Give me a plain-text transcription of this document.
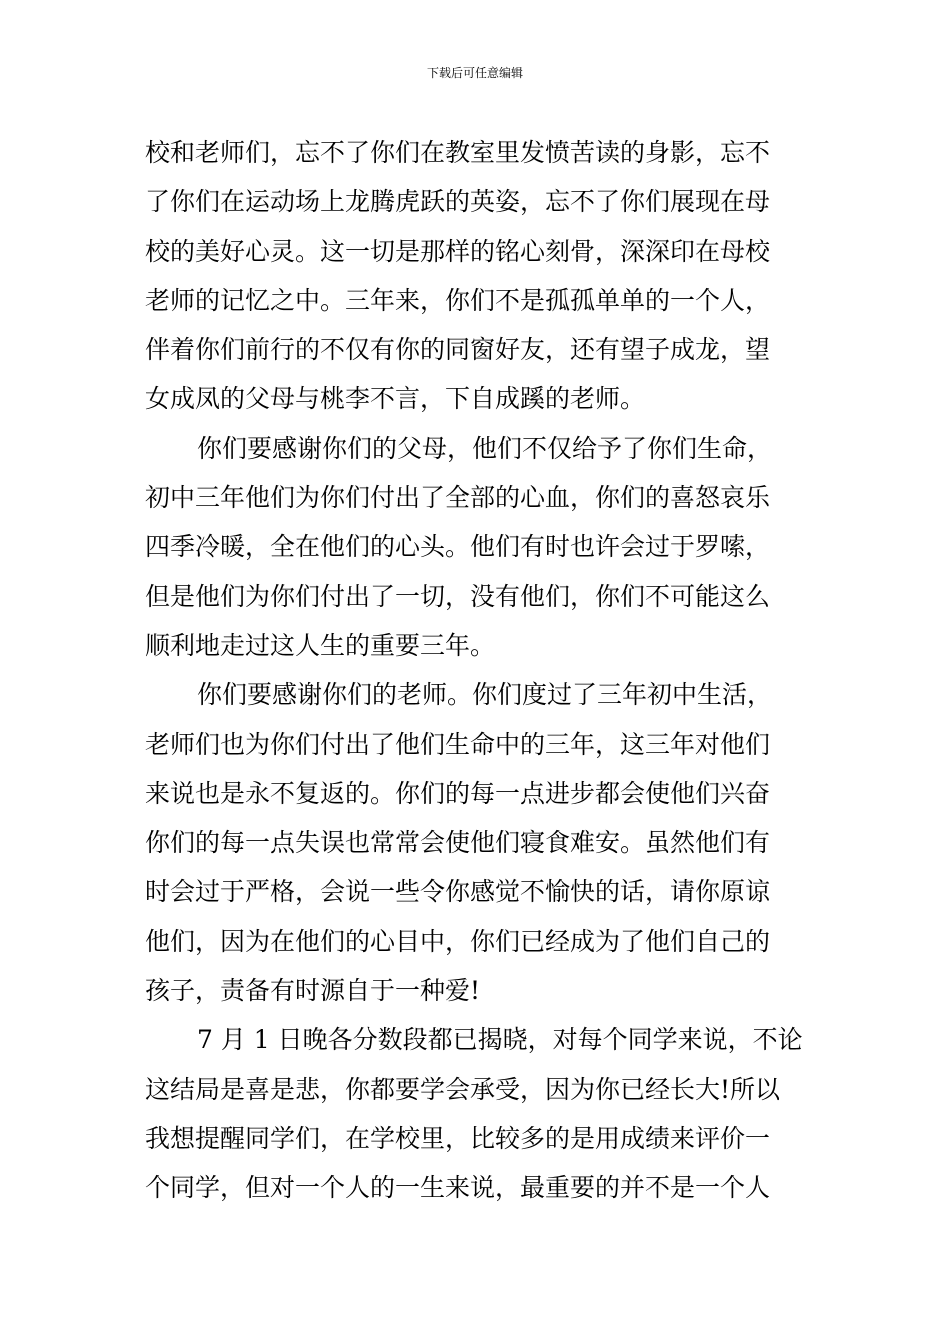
下载后可任意编辑
校和老师们，忘不了你们在教室里发愤苦读的身影，忘不
了你们在运动场上龙腾虎跃的英姿，忘不了你们展现在母
校的美好心灵。这一切是那样的铭心刻骨，深深印在母校
老师的记忆之中。三年来，你们不是孤孤单单的一个人，
伴着你们前行的不仅有你的同窗好友，还有望子成龙，望
女成凤的父母与桃李不言，下自成蹊的老师。
你们要感谢你们的父母，他们不仅给予了你们生命，
初中三年他们为你们付出了全部的心血，你们的喜怒哀乐
四季冷暖，全在他们的心头。他们有时也许会过于罗嗦，
但是他们为你们付出了一切，没有他们，你们不可能这么
顺利地走过这人生的重要三年。
你们要感谢你们的老师。你们度过了三年初中生活，
老师们也为你们付出了他们生命中的三年，这三年对他们
来说也是永不复返的。你们的每一点进步都会使他们兴奋
你们的每一点失误也常常会使他们寝食难安。虽然他们有
时会过于严格，会说一些令你感觉不愉快的话，请你原谅
他们，因为在他们的心目中，你们已经成为了他们自己的
孩子，责备有时源自于一种爱!
7 月 1 日晚各分数段都已揭晓，对每个同学来说，不论
这结局是喜是悲，你都要学会承受，因为你已经长大!所以
我想提醒同学们，在学校里，比较多的是用成绩来评价一
个同学，但对一个人的一生来说，最重要的并不是一个人
